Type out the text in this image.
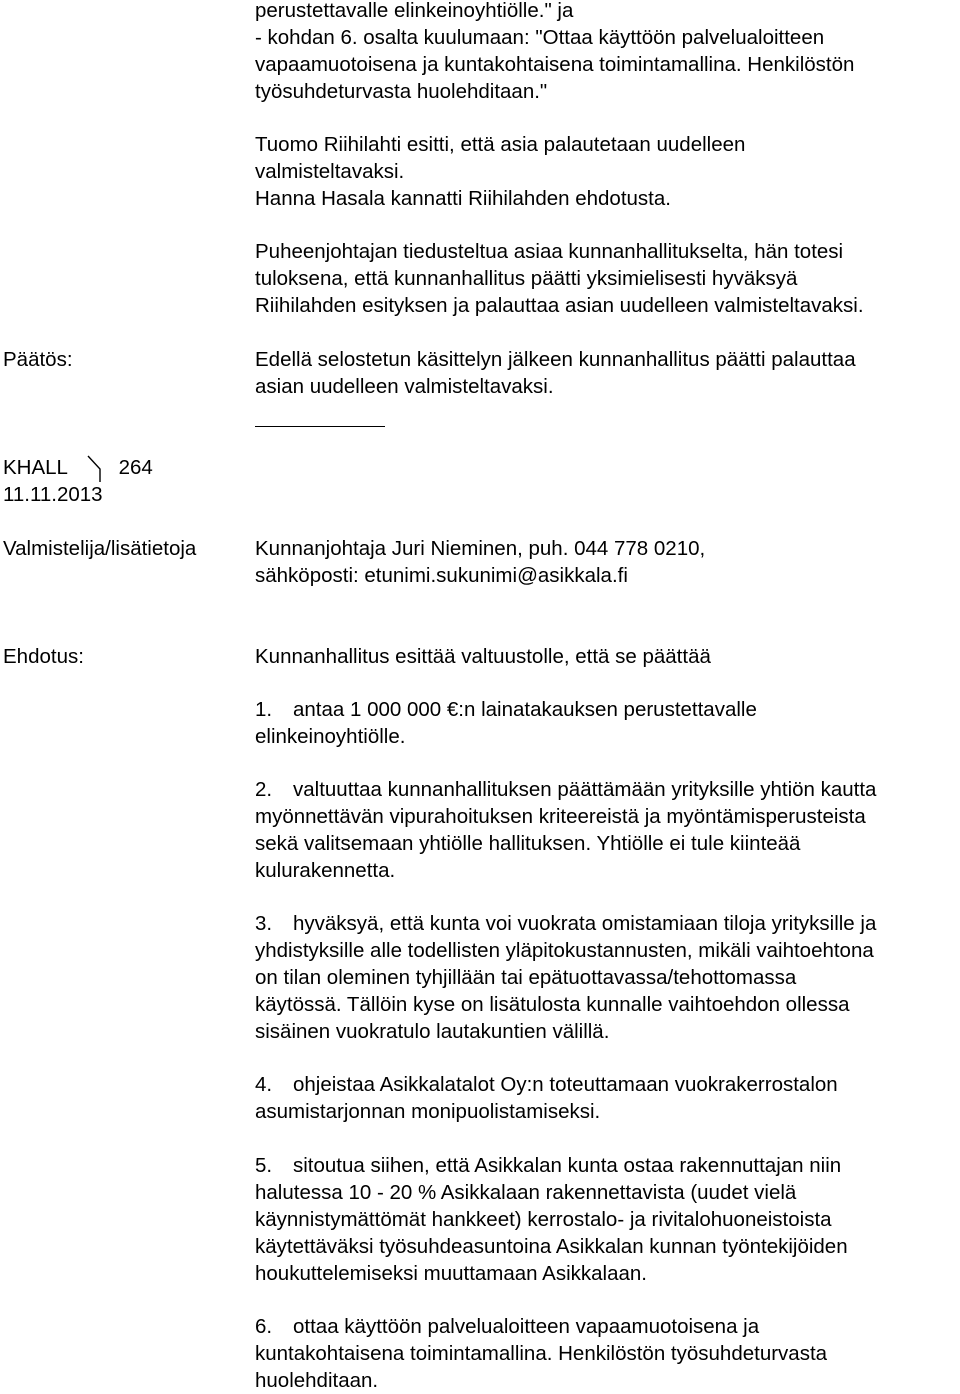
perustettavalle elinkeinoyhtiölle." ja
- kohdan 6. osalta kuulumaan: "Ottaa käyttöön palvelualoitteen
vapaamuotoisena ja kuntakohtaisena toimintamallina. Henkilöstön
työsuhdeturvasta huolehditaan."
Tuomo Riihilahti esitti, että asia palautetaan uudelleen
valmisteltavaksi.
Hanna Hasala kannatti Riihilahden ehdotusta.
Puheenjohtajan tiedusteltua asiaa kunnanhallitukselta, hän totesi
tuloksena, että kunnanhallitus päätti yksimielisesti hyväksyä
Riihilahden esityksen ja palauttaa asian uudelleen valmisteltavaksi.
Päätös:	Edellä selostetun käsittelyn jälkeen kunnanhallitus päätti palauttaa
asian uudelleen valmisteltavaksi.
KHALL	264
11.11.2013
Valmistelija/lisätietoja	Kunnanjohtaja Juri Nieminen, puh. 044 778 0210,
sähköposti: etunimi.sukunimi@asikkala.fi
Ehdotus:	Kunnanhallitus esittää valtuustolle, että se päättää
1. antaa 1 000 000 €:n lainatakauksen perustettavalle
elinkeinoyhtiölle.
2. valtuuttaa kunnanhallituksen päättämään yrityksille yhtiön kautta
myönnettävän vipurahoituksen kriteereistä ja myöntämisperusteista
sekä valitsemaan yhtiölle hallituksen. Yhtiölle ei tule kiinteää
kulurakennetta.
3. hyväksyä, että kunta voi vuokrata omistamiaan tiloja yrityksille ja
yhdistyksille alle todellisten yläpitokustannusten, mikäli vaihtoehtona
on tilan oleminen tyhjillään tai epätuottavassa/tehottomassa
käytössä. Tällöin kyse on lisätulosta kunnalle vaihtoehdon ollessa
sisäinen vuokratulo lautakuntien välillä.
4. ohjeistaa Asikkalatalot Oy:n toteuttamaan vuokrakerrostalon
asumistarjonnan monipuolistamiseksi.
5. sitoutua siihen, että Asikkalan kunta ostaa rakennuttajan niin
halutessa 10 - 20 % Asikkalaan rakennettavista (uudet vielä
käynnistymättömät hankkeet) kerrostalo- ja rivitalohuoneistoista
käytettäväksi työsuhdeasuntoina Asikkalan kunnan työntekijöiden
houkuttelemiseksi muuttamaan Asikkalaan.
6. ottaa käyttöön palvelualoitteen vapaamuotoisena ja
kuntakohtaisena toimintamallina. Henkilöstön työsuhdeturvasta
huolehditaan.
